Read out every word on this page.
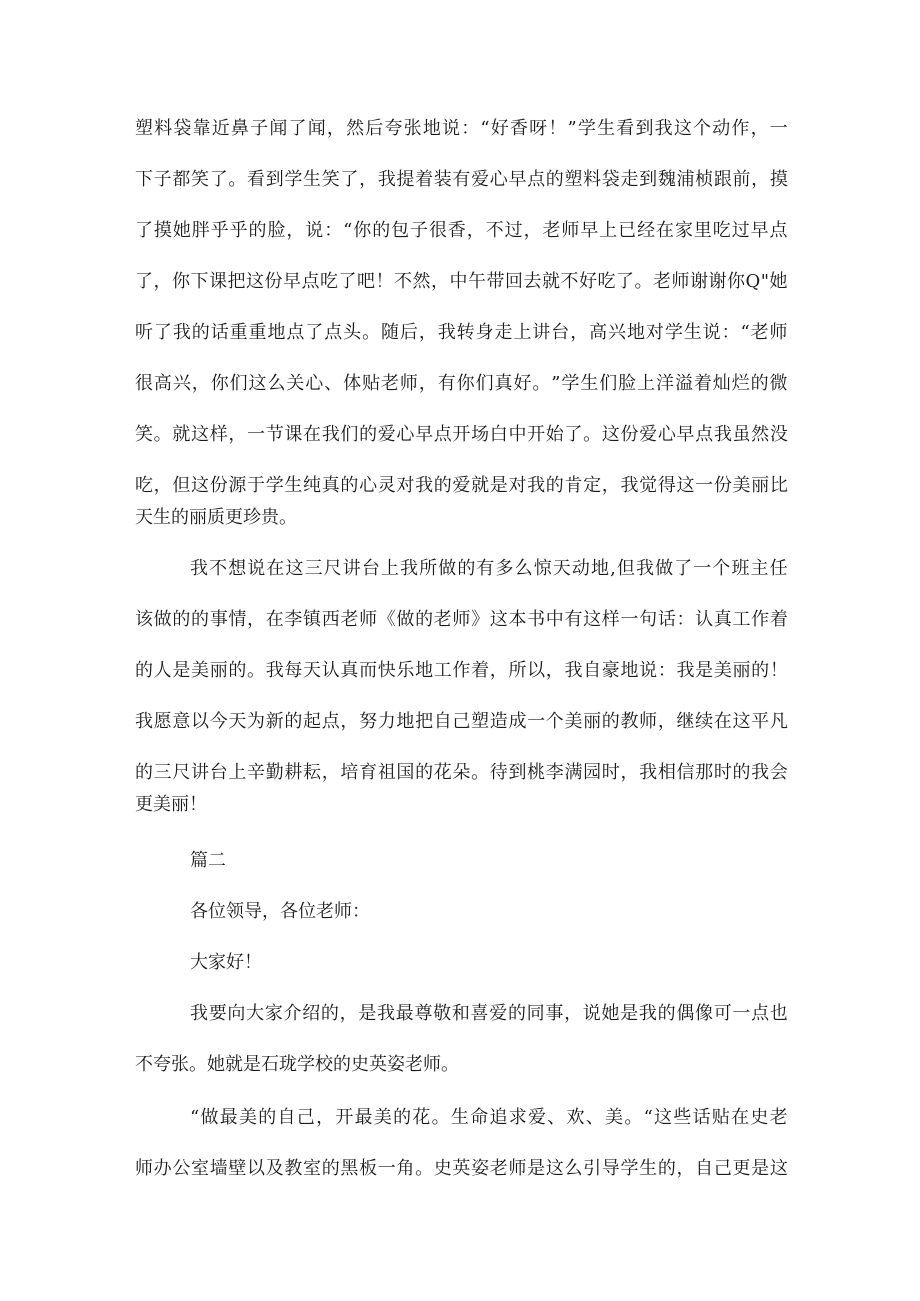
塑 料 袋 靠 近 鼻 子 闻 了 闻 ， 然 后 夸 张 地 说 ： “ 好 香 呀 ！ ” 学 生 看 到 我 这 个 动 作 ， 一
下 子 都 笑 了 。 看 到 学 生 笑 了 ， 我 提 着 装 有 爱 心 早 点 的 塑 料 袋 走 到 魏 浦 桢 跟 前 ， 摸
了 摸 她 胖 乎 乎 的 脸 ， 说 ： “ 你 的 包 子 很 香 ， 不 过 ， 老 师 早 上 已 经 在 家 里 吃 过 早 点
了 ， 你 下 课 把 这 份 早 点 吃 了 吧 ！ 不 然 ， 中 午 带 回 去 就 不 好 吃 了 。 老 师 谢 谢 你 Q " 她
听 了 我 的 话 重 重 地 点 了 点 头 。 随 后 ， 我 转 身 走 上 讲 台 ， 高 兴 地 对 学 生 说 ： “ 老 师
很 高 兴 ， 你 们 这 么 关 心 、 体 贴 老 师 ， 有 你 们 真 好 。 ” 学 生 们 脸 上 洋 溢 着 灿 烂 的 微
笑 。 就 这 样 ， 一 节 课 在 我 们 的 爱 心 早 点 开 场 白 中 开 始 了 。 这 份 爱 心 早 点 我 虽 然 没
吃 ， 但 这 份 源 于 学 生 纯 真 的 心 灵 对 我 的 爱 就 是 对 我 的 肯 定 ， 我 觉 得 这 一 份 美 丽 比
天生的丽质更珍贵。
我 不 想 说 在 这 三 尺 讲 台 上 我 所 做 的 有 多 么 惊 天 动 地 , 但 我 做 了 一 个 班 主 任
该 做 的 的 事 情 ， 在 李 镇 西 老 师 《 做 的 老 师 》 这 本 书 中 有 这 样 一 句 话 ： 认 真 工 作 着
的 人 是 美 丽 的 。 我 每 天 认 真 而 快 乐 地 工 作 着 ， 所 以 ， 我 自 豪 地 说 ： 我 是 美 丽 的 ！
我 愿 意 以 今 天 为 新 的 起 点 ， 努 力 地 把 自 己 塑 造 成 一 个 美 丽 的 教 师 ， 继 续 在 这 平 凡
的 三 尺 讲 台 上 辛 勤 耕 耘 ， 培 育 祖 国 的 花 朵 。 待 到 桃 李 满 园 时 ， 我 相 信 那 时 的 我 会
更美丽！
篇二
各位领导，各位老师：
大家好！
我 要 向 大 家 介 绍 的 ， 是 我 最 尊 敬 和 喜 爱 的 同 事 ， 说 她 是 我 的 偶 像 可 一 点 也
不夸张。她就是石珑学校的史英姿老师。
“ 做 最 美 的 自 己 ， 开 最 美 的 花 。 生 命 追 求 爱 、 欢 、 美 。 “ 这 些 话 贴 在 史 老
师 办 公 室 墙 壁 以 及 教 室 的 黑 板 一 角 。 史 英 姿 老 师 是 这 么 引 导 学 生 的 ， 自 己 更 是 这
